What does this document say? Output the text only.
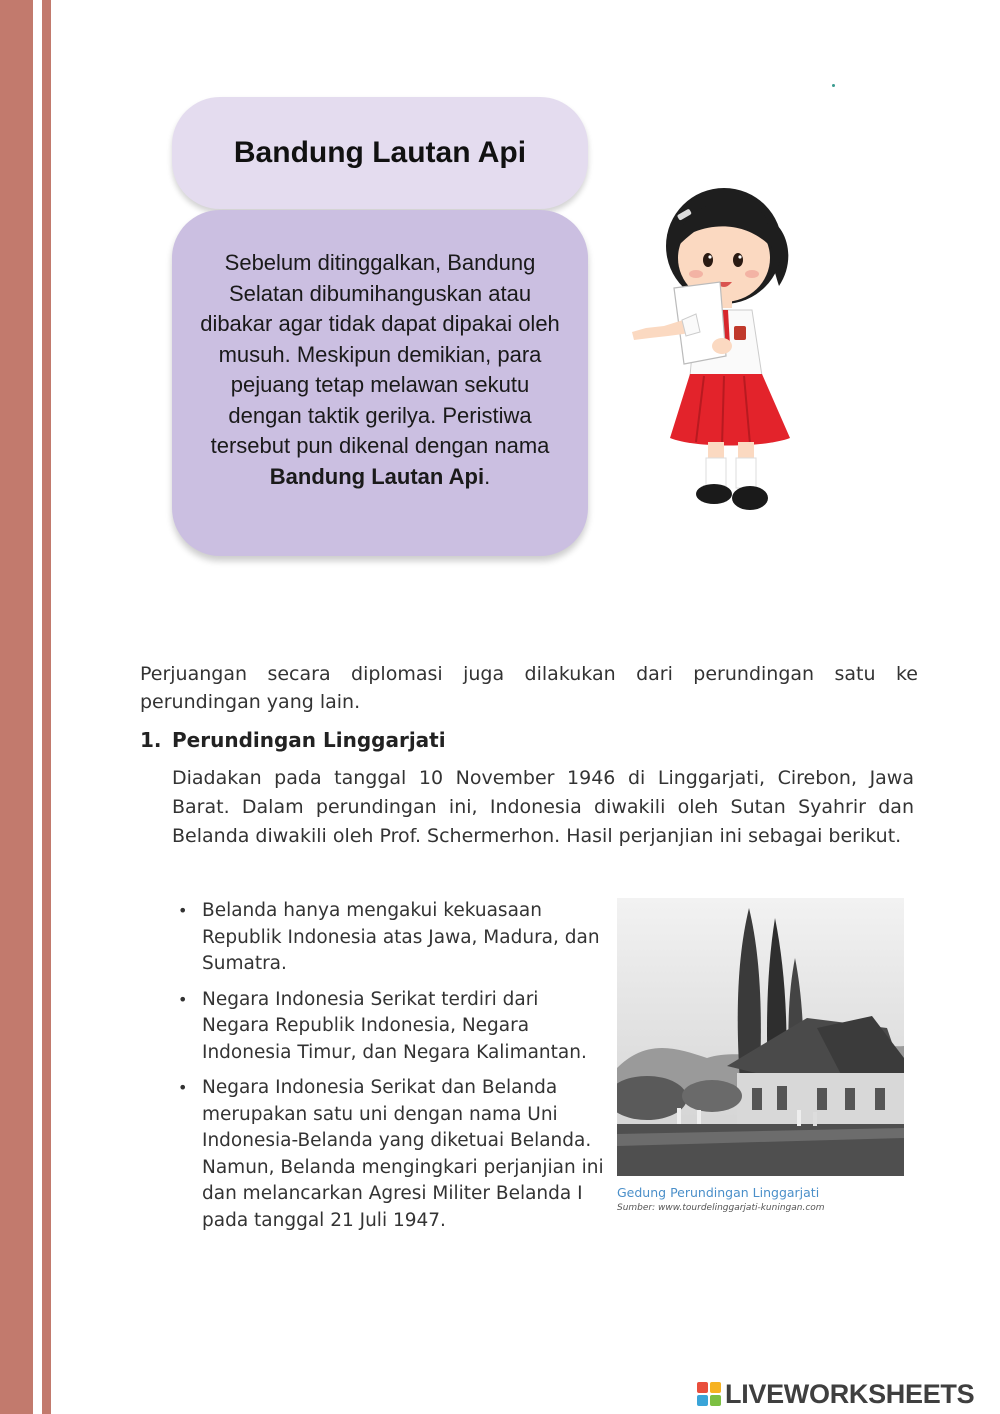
Bandung Lautan Api

Sebelum ditinggalkan, Bandung Selatan dibumihanguskan atau dibakar agar tidak dapat dipakai oleh musuh. Meskipun demikian, para pejuang tetap melawan sekutu dengan taktik gerilya. Peristiwa tersebut pun dikenal dengan nama Bandung Lautan Api.

Perjuangan secara diplomasi juga dilakukan dari perundingan satu ke perundingan yang lain.

1. Perundingan Linggarjati

Diadakan pada tanggal 10 November 1946 di Linggarjati, Cirebon, Jawa Barat. Dalam perundingan ini, Indonesia diwakili oleh Sutan Syahrir dan Belanda diwakili oleh Prof. Schermerhon. Hasil perjanjian ini sebagai berikut.

• Belanda hanya mengakui kekuasaan Republik Indonesia atas Jawa, Madura, dan Sumatra.
• Negara Indonesia Serikat terdiri dari Negara Republik Indonesia, Negara Indonesia Timur, dan Negara Kalimantan.
• Negara Indonesia Serikat dan Belanda merupakan satu uni dengan nama Uni Indonesia-Belanda yang diketuai Belanda. Namun, Belanda mengingkari perjanjian ini dan melancarkan Agresi Militer Belanda I pada tanggal 21 Juli 1947.

Gedung Perundingan Linggarjati

Sumber: www.tourdelinggarjati-kuningan.com

LIVEWORKSHEETS
